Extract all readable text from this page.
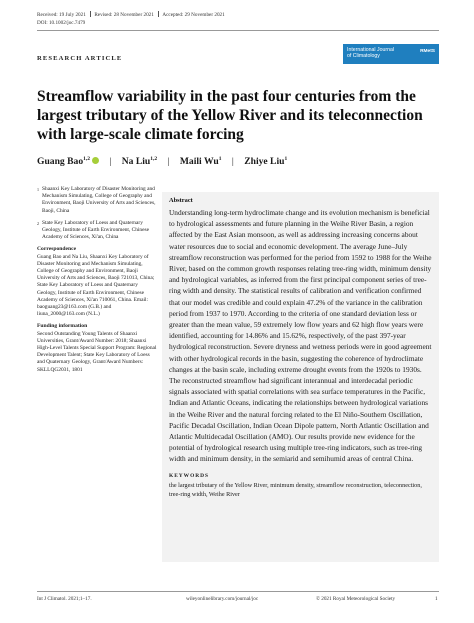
Received: 19 July 2021 Revised: 28 November 2021 Accepted: 29 November 2021
DOI: 10.1002/joc.7479
RESEARCH ARTICLE
International Journal
of Climatology
RMetS
Streamflow variability in the past four centuries from the largest tributary of the Yellow River and its teleconnection with large-scale climate forcing
Guang Bao$^{1,2}$ | Na Liu$^{1,2}$ | Maili Wu$^1$ | Zhiye Liu$^1$
1 Shaanxi Key Laboratory of Disaster Monitoring and Mechanism Simulating, College of Geography and Environment, Baoji University of Arts and Sciences, Baoji, China
2 State Key Laboratory of Loess and Quaternary Geology, Institute of Earth Environment, Chinese Academy of Sciences, Xi'an, China
Correspondence
Guang Bao and Na Liu, Shaanxi Key Laboratory of Disaster Monitoring and Mechanism Simulating, College of Geography and Environment, Baoji University of Arts and Sciences, Baoji 721013, China; State Key Laboratory of Loess and Quaternary Geology, Institute of Earth Environment, Chinese Academy of Sciences, Xi'an 710061, China. Email: baoguang23@163.com (G.B.) and liuna_2000@163.com (N.L.)
Funding information
Second Outstanding Young Talents of Shaanxi Universities, Grant/Award Number: 2018; Shaanxi High-Level Talents Special Support Program: Regional Development Talent; State Key Laboratory of Loess and Quaternary Geology, Grant/Award Numbers: SKLLQG2031, 1801
Abstract

Understanding long-term hydroclimate change and its evolution mechanism is beneficial to hydrological assessments and future planning in the Weihe River Basin, a region affected by the East Asian monsoon, as well as addressing increasing concerns about water resources due to social and economic development. The average June–July streamflow reconstruction was performed for the period from 1592 to 1988 for the Weihe River, based on the common growth responses relating tree-ring width, minimum density and hydrological variables, as inferred from the first principal component series of tree-ring width and density. The statistical results of calibration and verification confirmed that our model was credible and could explain 47.2% of the variance in the calibration period from 1937 to 1970. According to the criteria of one standard deviation less or greater than the mean value, 59 extremely low flow years and 62 high flow years were identified, accounting for 14.86% and 15.62%, respectively, of the past 397-year hydrological reconstruction. Severe dryness and wetness periods were in good agreement with other hydrological records in the basin, suggesting the coherence of hydroclimate changes at the basin scale, including extreme drought events from the 1920s to 1930s. The reconstructed streamflow had significant interannual and interdecadal periodic signals associated with spatial correlations with sea surface temperatures in the Pacific, Indian and Atlantic Oceans, indicating the relationships between hydrological variations in the Weihe River and the natural forcing related to the El Niño-Southern Oscillation, Pacific Decadal Oscillation, Indian Ocean Dipole pattern, North Atlantic Oscillation and Atlantic Multidecadal Oscillation (AMO). Our results provide new evidence for the potential of hydrological research using multiple tree-ring indicators, such as tree-ring width and minimum density, in the semiarid and semihumid areas of central China.

KEYWORDS

the largest tributary of the Yellow River, minimum density, streamflow reconstruction, teleconnection, tree-ring width, Weihe River

Int J Climatol. 2021;1–17.	wileyonlinelibrary.com/journal/joc	© 2021 Royal Meteorological Society	1
